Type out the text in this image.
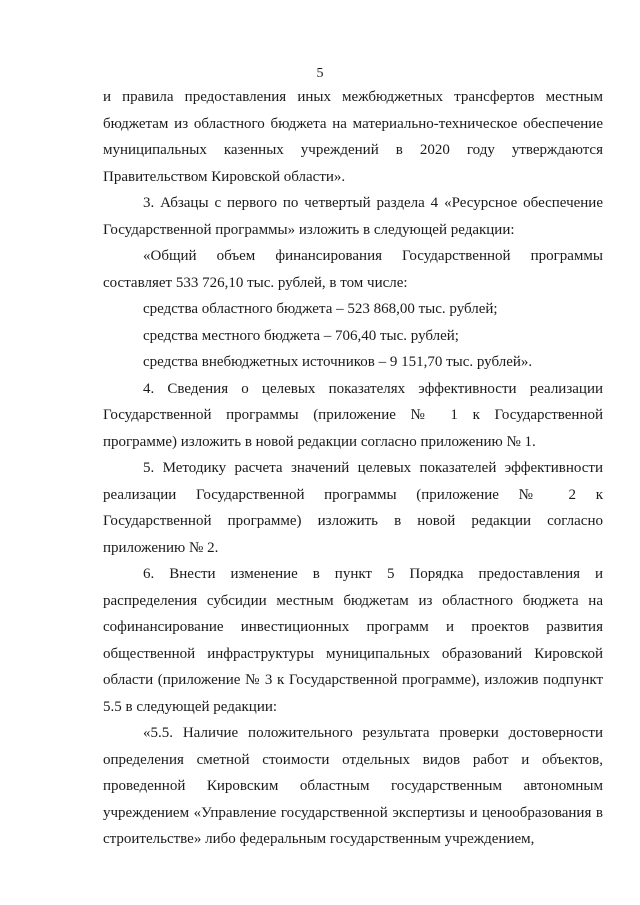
5

и правила предоставления иных межбюджетных трансфертов местным бюджетам из областного бюджета на материально-техническое обеспечение муниципальных казенных учреждений в 2020 году утверждаются Правительством Кировской области».

3. Абзацы с первого по четвертый раздела 4 «Ресурсное обеспечение Государственной программы» изложить в следующей редакции:

«Общий объем финансирования Государственной программы составляет 533 726,10 тыс. рублей, в том числе:

средства областного бюджета – 523 868,00 тыс. рублей;

средства местного бюджета – 706,40 тыс. рублей;

средства внебюджетных источников – 9 151,70 тыс. рублей».

4. Сведения о целевых показателях эффективности реализации Государственной программы (приложение № 1 к Государственной программе) изложить в новой редакции согласно приложению № 1.

5. Методику расчета значений целевых показателей эффективности реализации Государственной программы (приложение № 2 к Государственной программе) изложить в новой редакции согласно приложению № 2.

6. Внести изменение в пункт 5 Порядка предоставления и распределения субсидии местным бюджетам из областного бюджета на софинансирование инвестиционных программ и проектов развития общественной инфраструктуры муниципальных образований Кировской области (приложение № 3 к Государственной программе), изложив подпункт 5.5 в следующей редакции:

«5.5. Наличие положительного результата проверки достоверности определения сметной стоимости отдельных видов работ и объектов, проведенной Кировским областным государственным автономным учреждением «Управление государственной экспертизы и ценообразования в строительстве» либо федеральным государственным учреждением,
